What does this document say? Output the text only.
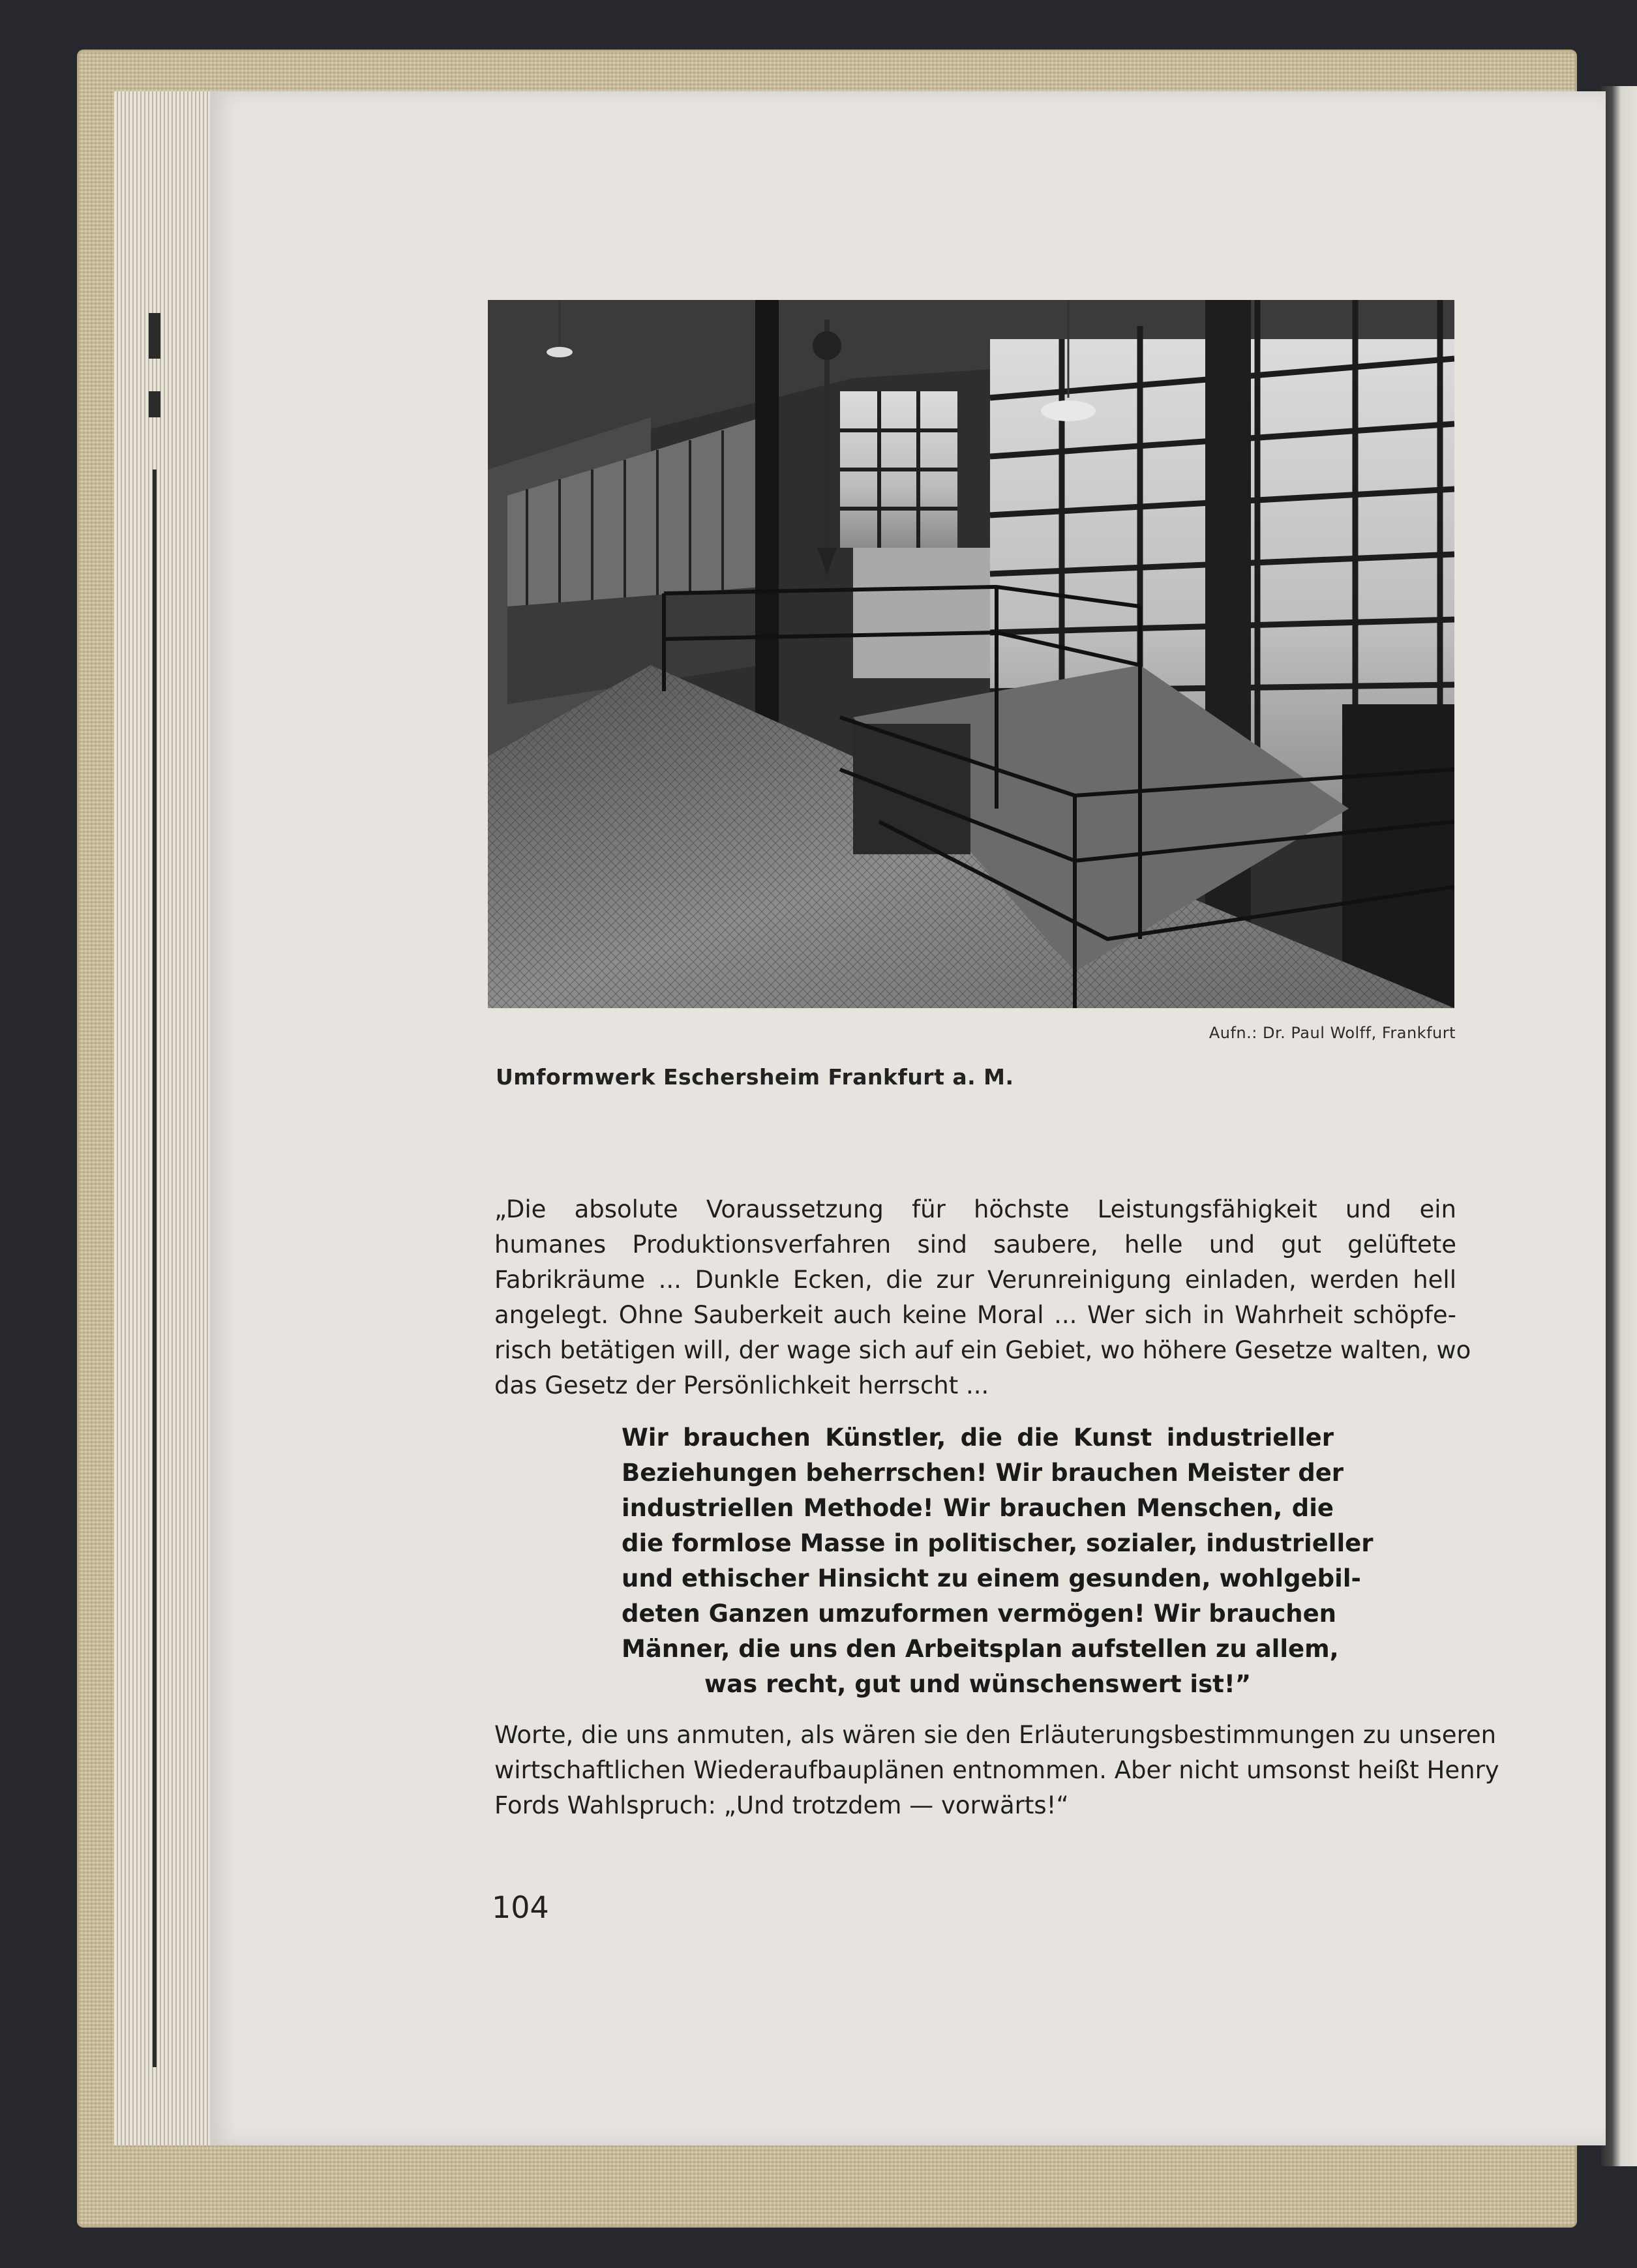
Aufn.: Dr. Paul Wolff, Frankfurt
Umformwerk Eschersheim Frankfurt a. M.
„Die absolute Voraussetzung für höchste Leistungsfähigkeit und ein
humanes Produktionsverfahren sind saubere, helle und gut gelüftete
Fabrikräume ... Dunkle Ecken, die zur Verunreinigung einladen, werden hell
angelegt. Ohne Sauberkeit auch keine Moral ... Wer sich in Wahrheit schöpfe-
risch betätigen will, der wage sich auf ein Gebiet, wo höhere Gesetze walten, wo
das Gesetz der Persönlichkeit herrscht ...
Wir brauchen Künstler, die die Kunst industrieller
Beziehungen beherrschen! Wir brauchen Meister der
industriellen Methode! Wir brauchen Menschen, die
die formlose Masse in politischer, sozialer, industrieller
und ethischer Hinsicht zu einem gesunden, wohlgebil-
deten Ganzen umzuformen vermögen! Wir brauchen
Männer, die uns den Arbeitsplan aufstellen zu allem,
was recht, gut und wünschenswert ist!”
Worte, die uns anmuten, als wären sie den Erläuterungsbestimmungen zu unseren
wirtschaftlichen Wiederaufbauplänen entnommen. Aber nicht umsonst heißt Henry
Fords Wahlspruch: „Und trotzdem — vorwärts!“
104
